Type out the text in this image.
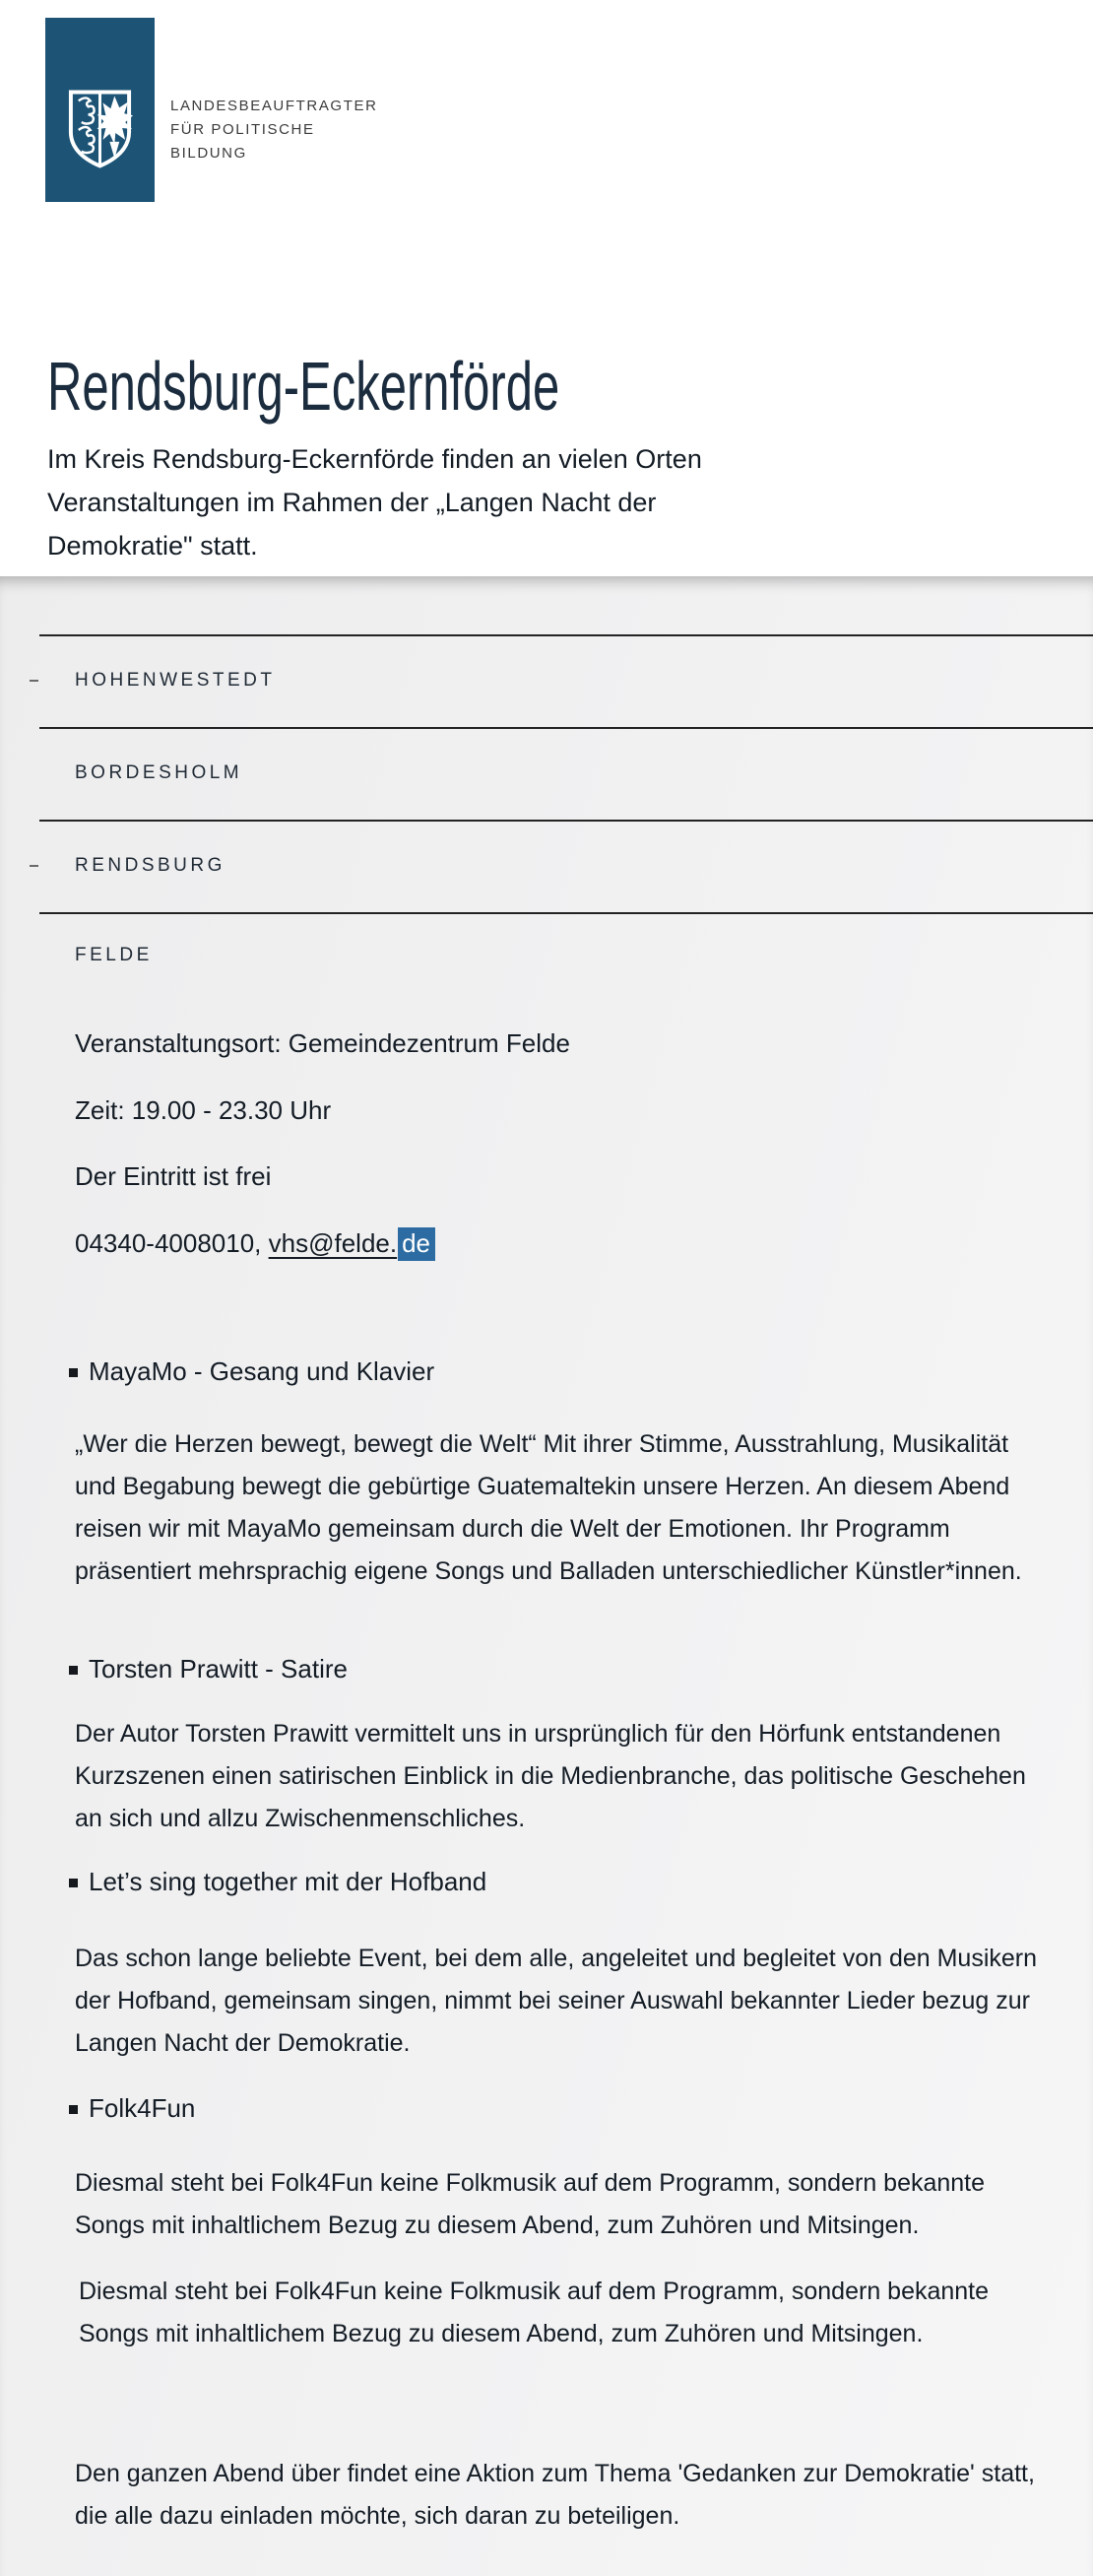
LANDESBEAUFTRAGTER
FÜR POLITISCHE
BILDUNG
Rendsburg-Eckernförde

Im Kreis Rendsburg-Eckernförde finden an vielen Orten Veranstaltungen im Rahmen der „Langen Nacht der Demokratie" statt.

HOHENWESTEDT
BORDESHOLM
RENDSBURG
FELDE
Veranstaltungsort: Gemeindezentrum Felde
Zeit: 19.00 - 23.30 Uhr
Der Eintritt ist frei
04340-4008010, vhs@felde. de
MayaMo - Gesang und Klavier
„Wer die Herzen bewegt, bewegt die Welt“ Mit ihrer Stimme, Ausstrahlung, Musikalität und Begabung bewegt die gebürtige Guatemaltekin unsere Herzen. An diesem Abend reisen wir mit MayaMo gemeinsam durch die Welt der Emotionen. Ihr Programm präsentiert mehrsprachig eigene Songs und Balladen unterschiedlicher Künstler*innen.
Torsten Prawitt - Satire
Der Autor Torsten Prawitt vermittelt uns in ursprünglich für den Hörfunk entstandenen Kurzszenen einen satirischen Einblick in die Medienbranche, das politische Geschehen an sich und allzu Zwischenmenschliches.
Let’s sing together mit der Hofband
Das schon lange beliebte Event, bei dem alle, angeleitet und begleitet von den Musikern der Hofband, gemeinsam singen, nimmt bei seiner Auswahl bekannter Lieder bezug zur Langen Nacht der Demokratie.
Folk4Fun
Diesmal steht bei Folk4Fun keine Folkmusik auf dem Programm, sondern bekannte Songs mit inhaltlichem Bezug zu diesem Abend, zum Zuhören und Mitsingen.
Diesmal steht bei Folk4Fun keine Folkmusik auf dem Programm, sondern bekannte Songs mit inhaltlichem Bezug zu diesem Abend, zum Zuhören und Mitsingen.
Den ganzen Abend über findet eine Aktion zum Thema 'Gedanken zur Demokratie' statt, die alle dazu einladen möchte, sich daran zu beteiligen.
